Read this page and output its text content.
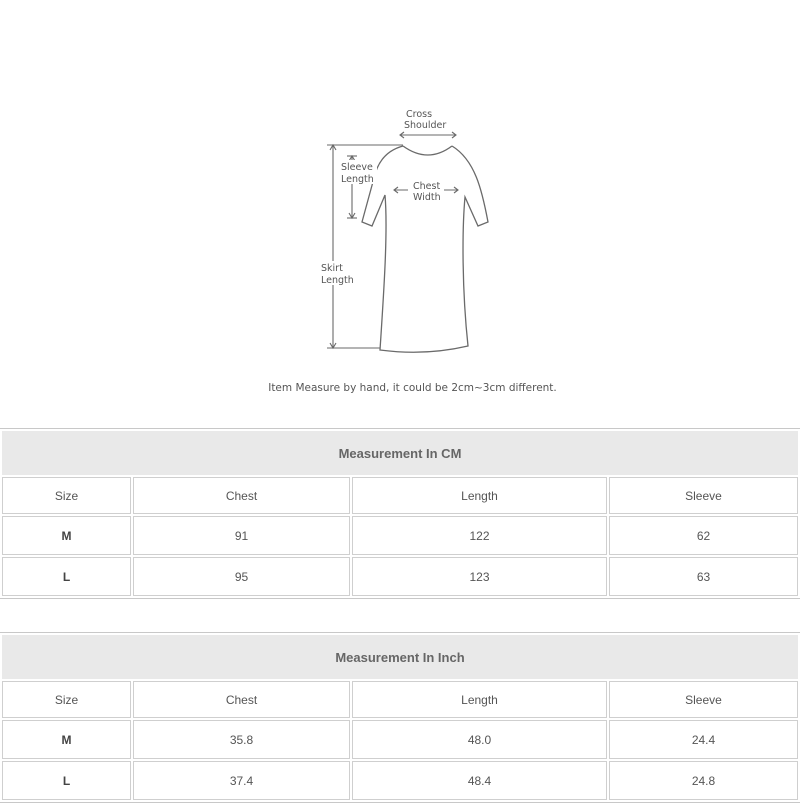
Cross
Shoulder
Sleeve
Length
Chest
Width
Skirt
Length
Item Measure by hand, it could be 2cm~3cm different.
Measurement In CM			
Size	Chest	Length	Sleeve
M	91	122	62
L	95	123	63
Measurement In Inch			
Size	Chest	Length	Sleeve
M	35.8	48.0	24.4
L	37.4	48.4	24.8
